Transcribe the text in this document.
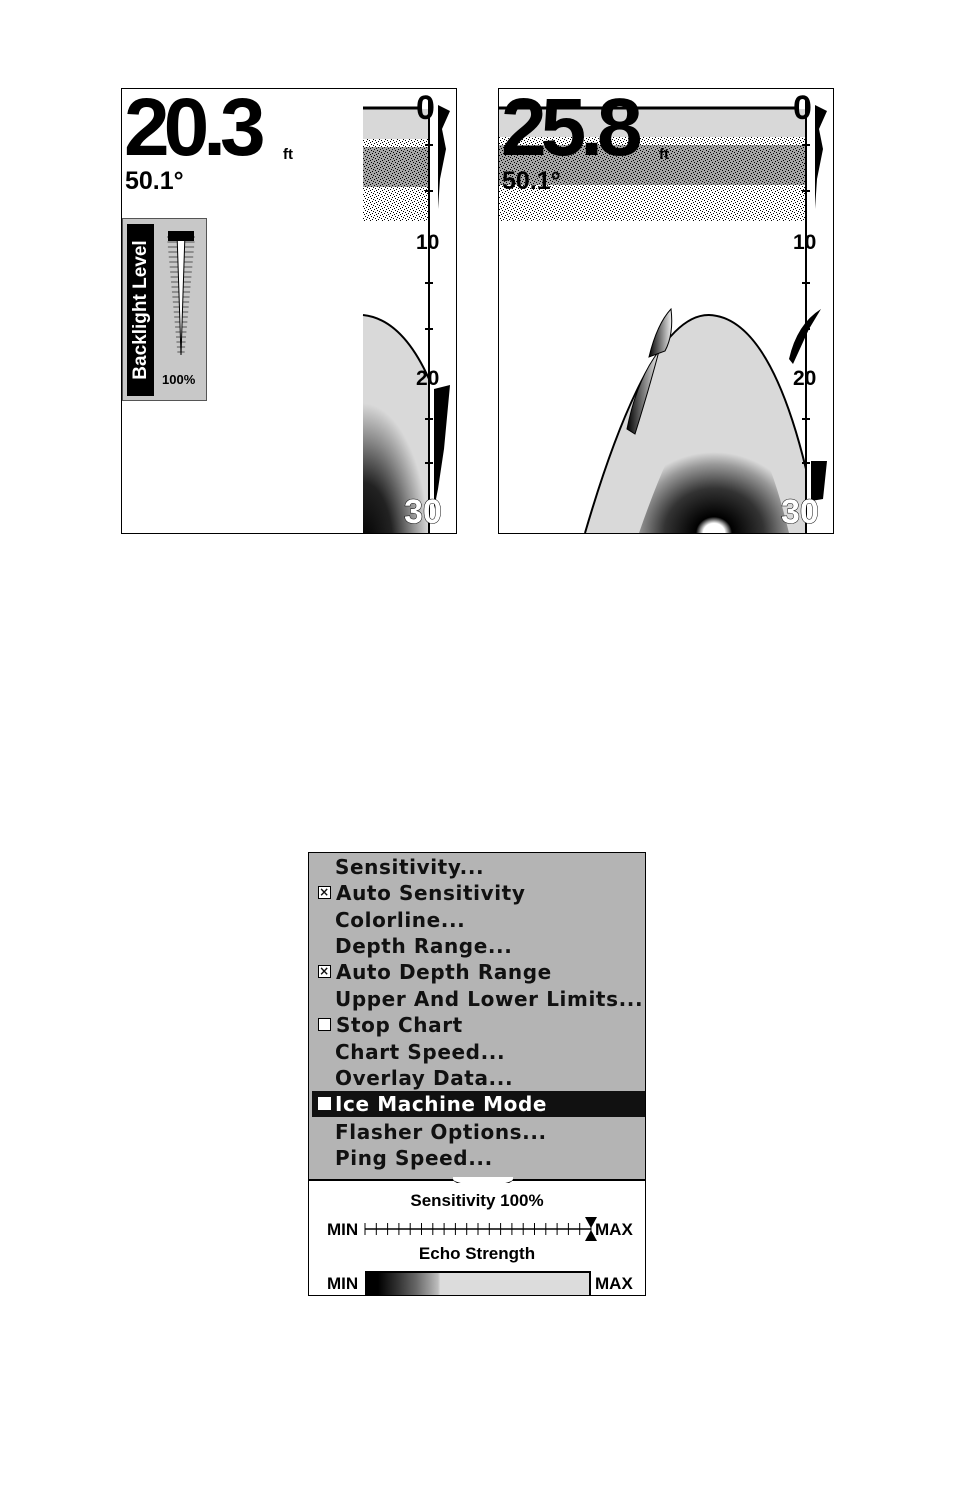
20.3 ft
50.1°
0
10
20
30
Backlight Level 100%
25.8 ft
50.1°
0
10
20
30
Sensitivity...
× Auto Sensitivity
Colorline...
Depth Range...
× Auto Depth Range
Upper And Lower Limits...
Stop Chart
Chart Speed...
Overlay Data...
Ice Machine Mode
Flasher Options...
Ping Speed...
Sensitivity 100%
MIN	MAX
Echo Strength
MIN	MAX
